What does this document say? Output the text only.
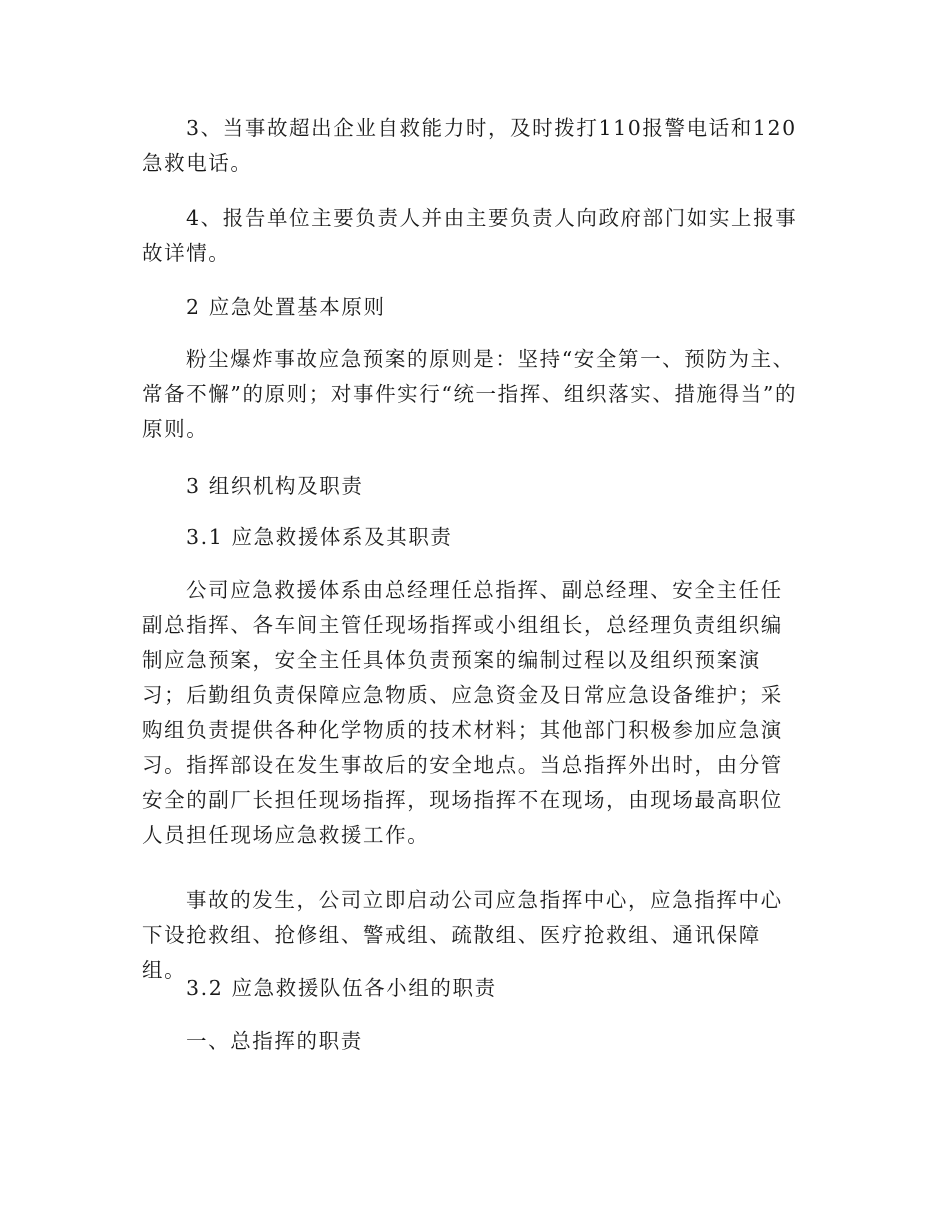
3、当事故超出企业自救能力时，及时拨打110报警电话和120急救电话。

4、报告单位主要负责人并由主要负责人向政府部门如实上报事故详情。

2 应急处置基本原则

粉尘爆炸事故应急预案的原则是：坚持“安全第一、预防为主、常备不懈”的原则；对事件实行“统一指挥、组织落实、措施得当”的原则。

3 组织机构及职责

3.1 应急救援体系及其职责

公司应急救援体系由总经理任总指挥、副总经理、安全主任任副总指挥、各车间主管任现场指挥或小组组长，总经理负责组织编制应急预案，安全主任具体负责预案的编制过程以及组织预案演习；后勤组负责保障应急物质、应急资金及日常应急设备维护；采购组负责提供各种化学物质的技术材料；其他部门积极参加应急演习。指挥部设在发生事故后的安全地点。当总指挥外出时，由分管安全的副厂长担任现场指挥，现场指挥不在现场，由现场最高职位人员担任现场应急救援工作。

事故的发生，公司立即启动公司应急指挥中心，应急指挥中心下设抢救组、抢修组、警戒组、疏散组、医疗抢救组、通讯保障组。

3.2 应急救援队伍各小组的职责

一、总指挥的职责
